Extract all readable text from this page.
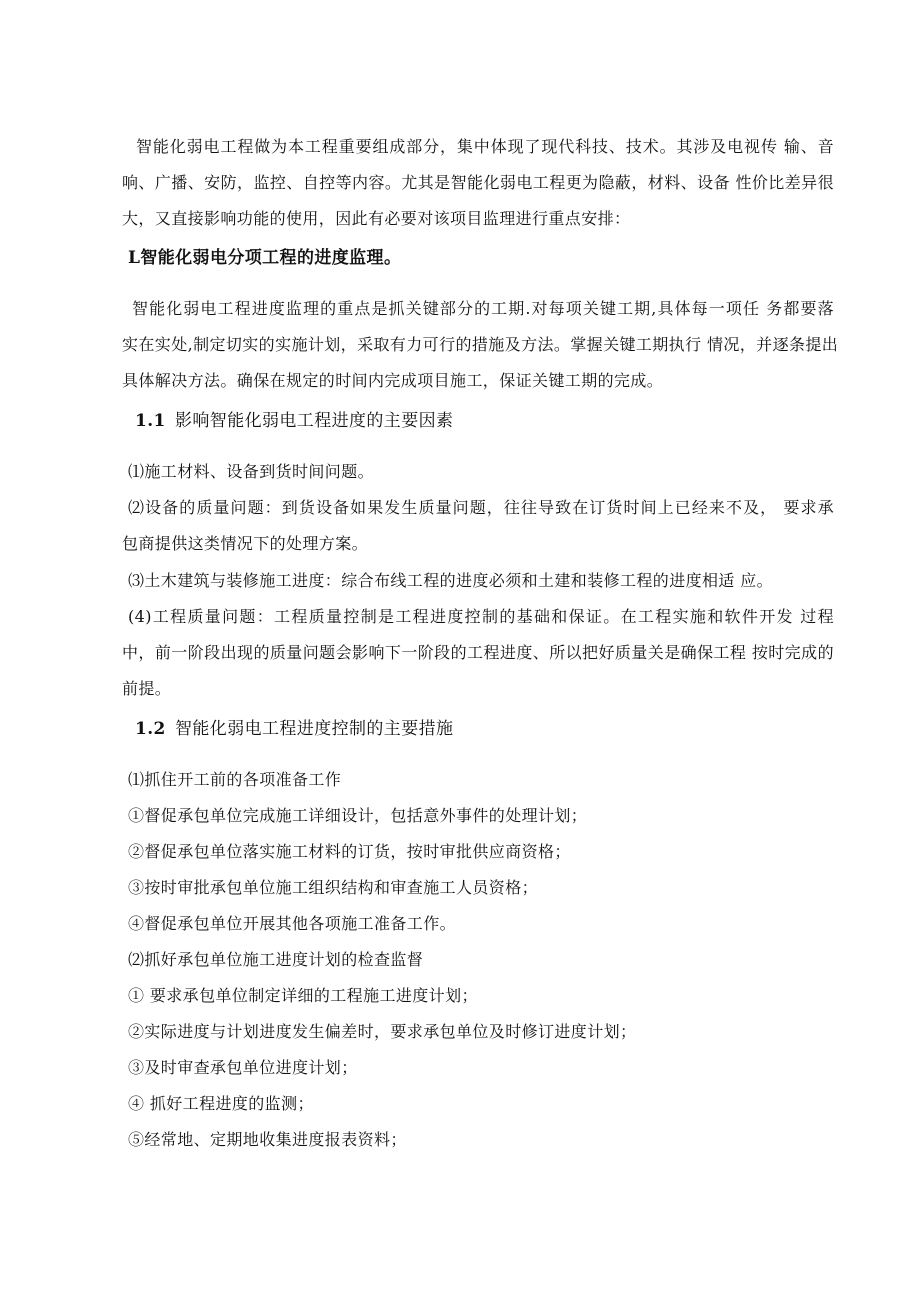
智能化弱电工程做为本工程重要组成部分，集中体现了现代科技、技术。其涉及电视传 输、音
响、广播、安防，监控、自控等内容。尤其是智能化弱电工程更为隐蔽，材料、设备 性价比差异很
大，又直接影响功能的使用，因此有必要对该项目监理进行重点安排：
L智能化弱电分项工程的进度监理。
智能化弱电工程进度监理的重点是抓关键部分的工期.对每项关键工期,具体每一项任 务都要落
实在实处,制定切实的实施计划，采取有力可行的措施及方法。掌握关键工期执行 情况，并逐条提出
具体解决方法。确保在规定的时间内完成项目施工，保证关键工期的完成。
1.1 影响智能化弱电工程进度的主要因素
⑴施工材料、设备到货时间问题。
⑵设备的质量问题：到货设备如果发生质量问题，往往导致在订货时间上已经来不及， 要求承
包商提供这类情况下的处理方案。
⑶土木建筑与装修施工进度：综合布线工程的进度必须和土建和装修工程的进度相适 应。
(4)工程质量问题：工程质量控制是工程进度控制的基础和保证。在工程实施和软件开发 过程
中，前一阶段出现的质量问题会影响下一阶段的工程进度、所以把好质量关是确保工程 按时完成的
前提。
1.2 智能化弱电工程进度控制的主要措施
⑴抓住开工前的各项准备工作
①督促承包单位完成施工详细设计，包括意外事件的处理计划；
②督促承包单位落实施工材料的订货，按时审批供应商资格；
③按时审批承包单位施工组织结构和审查施工人员资格；
④督促承包单位开展其他各项施工准备工作。
⑵抓好承包单位施工进度计划的检查监督
① 要求承包单位制定详细的工程施工进度计划；
②实际进度与计划进度发生偏差时，要求承包单位及时修订进度计划；
③及时审查承包单位进度计划；
④ 抓好工程进度的监测；
⑤经常地、定期地收集进度报表资料；
